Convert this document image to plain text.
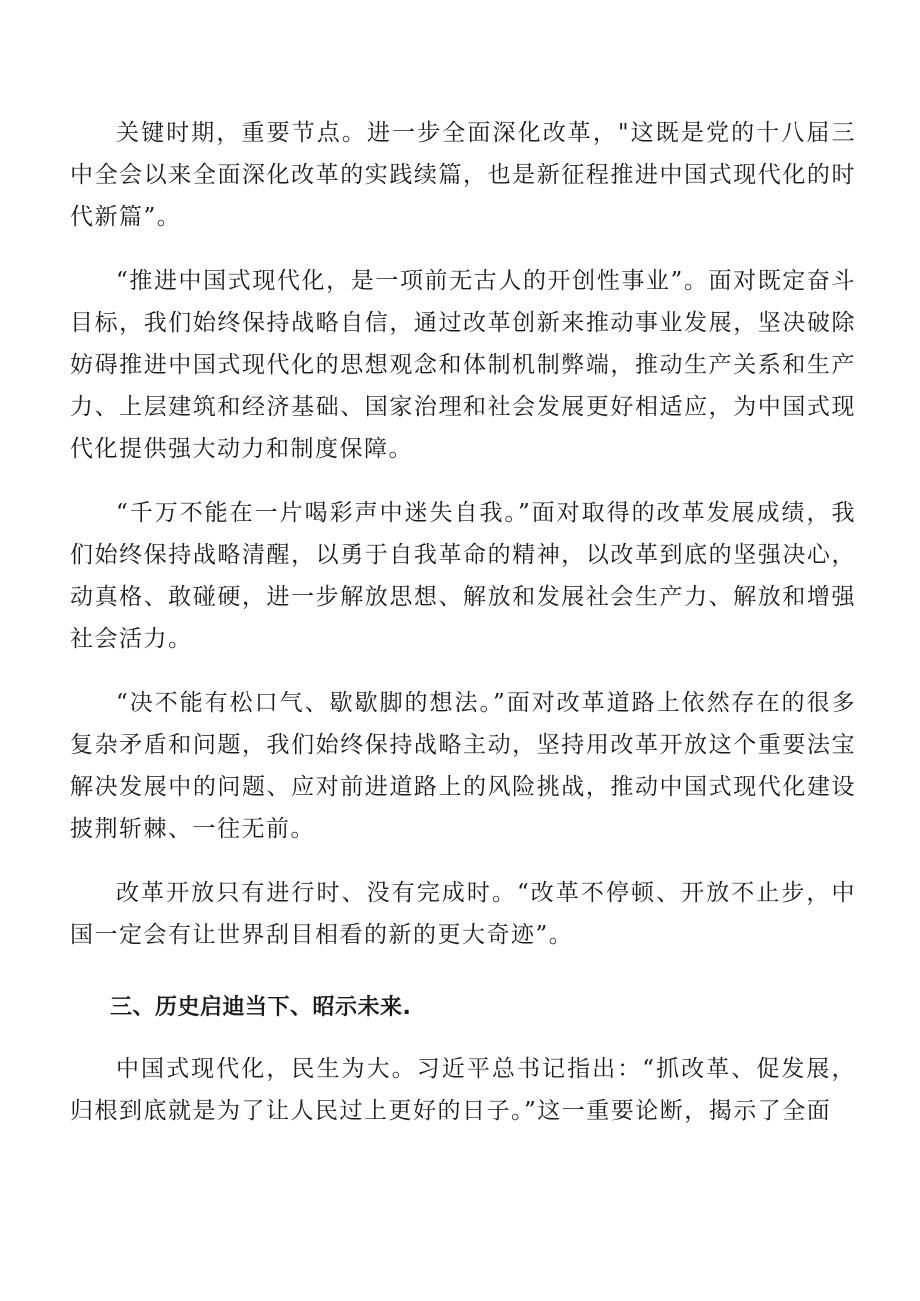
关键时期，重要节点。进一步全面深化改革，"这既是党的十八届三中全会以来全面深化改革的实践续篇，也是新征程推进中国式现代化的时代新篇”。

“推进中国式现代化，是一项前无古人的开创性事业”。面对既定奋斗目标，我们始终保持战略自信，通过改革创新来推动事业发展，坚决破除妨碍推进中国式现代化的思想观念和体制机制弊端，推动生产关系和生产力、上层建筑和经济基础、国家治理和社会发展更好相适应，为中国式现代化提供强大动力和制度保障。

“千万不能在一片喝彩声中迷失自我。”面对取得的改革发展成绩，我们始终保持战略清醒，以勇于自我革命的精神，以改革到底的坚强决心，动真格、敢碰硬，进一步解放思想、解放和发展社会生产力、解放和增强社会活力。

“决不能有松口气、歇歇脚的想法。”面对改革道路上依然存在的很多复杂矛盾和问题，我们始终保持战略主动，坚持用改革开放这个重要法宝解决发展中的问题、应对前进道路上的风险挑战，推动中国式现代化建设披荆斩棘、一往无前。

改革开放只有进行时、没有完成时。“改革不停顿、开放不止步，中国一定会有让世界刮目相看的新的更大奇迹”。

三、历史启迪当下、昭示未来.

中国式现代化，民生为大。习近平总书记指出：“抓改革、促发展，归根到底就是为了让人民过上更好的日子。”这一重要论断，揭示了全面
